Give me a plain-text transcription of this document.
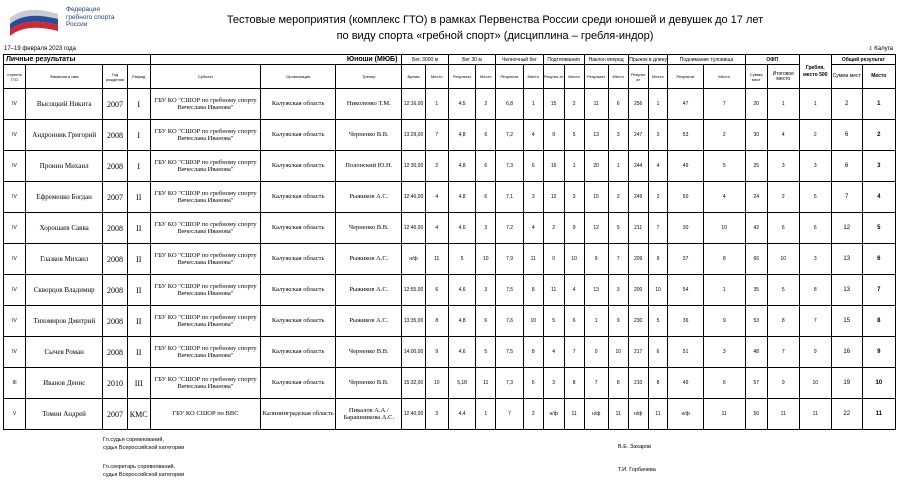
Федерация
гребного спорта
России	Тестовые мероприятия (комплекс ГТО) в рамках Первенства России среди юношей и девушек до 17 лет
по виду спорта «гребной спорт» (дисциплина – гребля-индор)
17–19 февраля 2023 года	г. Калуга
Личные результаты				Юноши (МЮБ)			Бег, 3000 м		Бег 30 м		Челночный бег		Подтягивания		Наклон вперед		Прыжок в длину		Поднимание туловища		ОФП		Гребля, место 500	Общий результат	
ступень ГТО	Фамилия и имя	Год рождения	Разряд	Субъект	Организация	Тренер	Время	Место	Результат	Место	Результат	Место	Результ ат	Место	Результат	Место	Результ ат	Место	Результат	Место	Сумма мест	Итоговое место		Сумма мест	Место
IV	Высоцкий Никита	2007	I	ГБУ КО "СШОР по гребному спорту Вячеслава Иванова"	Калужская область	Николенко Т.М.	12:16,00	1	4,5	2	6,8	1	15	2	11	6	256	1	47	7	20	1	1	2	1
IV	Андронник Григорий	2008	I	ГБУ КО "СШОР по гребному спорту Вячеслава Иванова"	Калужская область	Черненко В.В.	13:29,00	7	4,8	6	7,2	4	9	5	13	3	247	3	53	2	30	4	2	6	2
IV	Пронин Михаил	2008	I	ГБУ КО "СШОР по гребному спорту Вячеслава Иванова"	Калужская область	Полонский Ю.Н.	12:30,00	2	4,8	6	7,3	6	16	1	20	1	244	4	49	5	25	3	3	6	3
IV	Ефременко Богдан	2007	II	ГБУ КО "СШОР по гребному спорту Вячеслава Иванова"	Калужская область	Рыжиков А.С.	12:46,00	4	4,8	6	7,1	3	12	3	15	2	249	2	50	4	24	2	5	7	4
IV	Хорошаев Савва	2008	II	ГБУ КО "СШОР по гребному спорту Вячеслава Иванова"	Калужская область	Черненко В.В.	12:46,00	4	4,6	3	7,2	4	2	9	12	5	211	7	30	10	42	6	6	12	5
IV	Глазков Михаил	2008	II	ГБУ КО "СШОР по гребному спорту Вячеслава Иванова"	Калужская область	Рыжиков А.С.	н/ф	11	5	10	7,9	11	0	10	9	7	209	9	37	8	66	10	3	13	6
IV	Скворцов Владимир	2008	II	ГБУ КО "СШОР по гребному спорту Вячеслава Иванова"	Калужская область	Рыжиков А.С.	12:55,00	6	4,6	3	7,5	8	11	4	13	3	200	10	54	1	35	5	8	13	7
IV	Тихомиров Дмитрий	2008	II	ГБУ КО "СШОР по гребному спорту Вячеслава Иванова"	Калужская область	Рыжиков А.С.	13:35,00	8	4,8	6	7,6	10	5	6	1	9	230	5	36	9	53	8	7	15	8
IV	Сычев Роман	2008	II	ГБУ КО "СШОР по гребному спорту Вячеслава Иванова"	Калужская область	Черненко В.В.	14:00,00	9	4,6	5	7,5	8	4	7	0	10	217	6	51	3	48	7	9	16	9
III	Иванов Денис	2010	III	ГБУ КО "СШОР по гребному спорту Вячеслава Иванова"	Калужская область	Черненко В.В.	15:32,00	10	5,18	11	7,3	6	3	8	7	8	210	8	49	6	57	9	10	19	10
V	Томин Андрей	2007	КМС	ГБУ КО СШОР по ВВС	Калининградская область	Пикалов А.А /Барашникова А.С.	12:40,00	3	4,4	1	7	2	н/ф	11	н/ф	11	н/ф	11	н/ф	11	50	11	11	22	11
Гл.судья соревнований,
судья Всероссийской категории	В.Е. Захаров
Гл.секретарь соревнований,
судья Всероссийской категории
Т.И. Горбачева
